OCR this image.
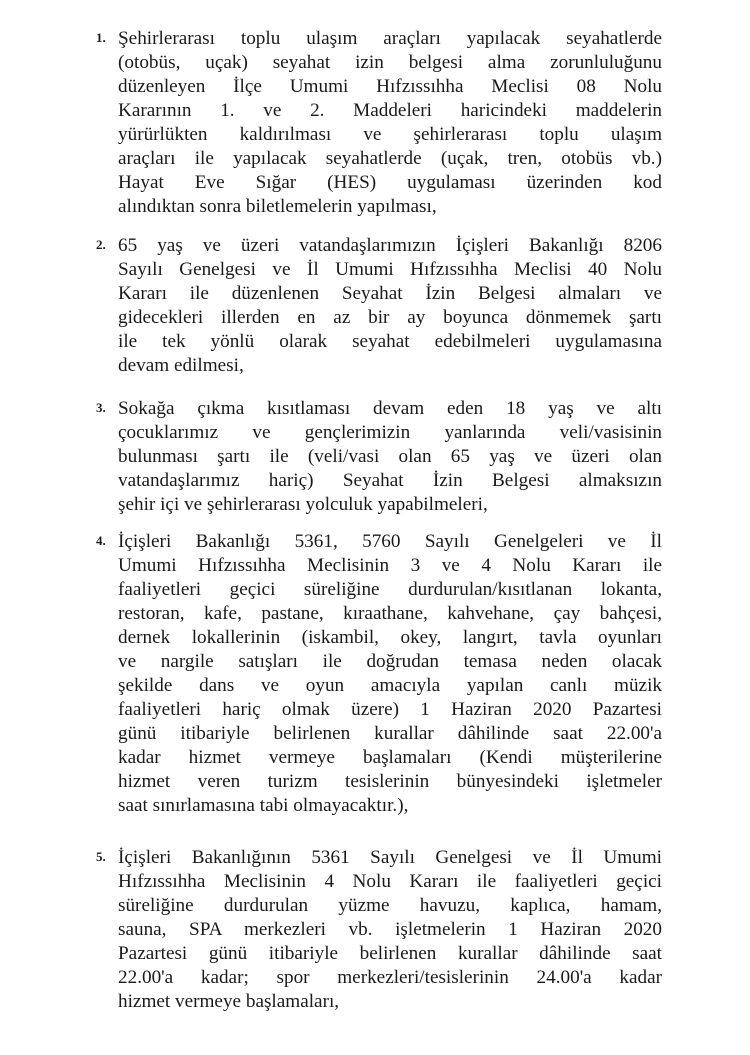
1. Şehirlerarası toplu ulaşım araçları yapılacak seyahatlerde
(otobüs, uçak) seyahat izin belgesi alma zorunluluğunu
düzenleyen İlçe Umumi Hıfzıssıhha Meclisi 08 Nolu
Kararının 1. ve 2. Maddeleri haricindeki maddelerin
yürürlükten kaldırılması ve şehirlerarası toplu ulaşım
araçları ile yapılacak seyahatlerde (uçak, tren, otobüs vb.)
Hayat Eve Sığar (HES) uygulaması üzerinden kod
alındıktan sonra biletlemelerin yapılması,
2. 65 yaş ve üzeri vatandaşlarımızın İçişleri Bakanlığı 8206
Sayılı Genelgesi ve İl Umumi Hıfzıssıhha Meclisi 40 Nolu
Kararı ile düzenlenen Seyahat İzin Belgesi almaları ve
gidecekleri illerden en az bir ay boyunca dönmemek şartı
ile tek yönlü olarak seyahat edebilmeleri uygulamasına
devam edilmesi,
3. Sokağa çıkma kısıtlaması devam eden 18 yaş ve altı
çocuklarımız ve gençlerimizin yanlarında veli/vasisinin
bulunması şartı ile (veli/vasi olan 65 yaş ve üzeri olan
vatandaşlarımız hariç) Seyahat İzin Belgesi almaksızın
şehir içi ve şehirlerarası yolculuk yapabilmeleri,
4. İçişleri Bakanlığı 5361, 5760 Sayılı Genelgeleri ve İl
Umumi Hıfzıssıhha Meclisinin 3 ve 4 Nolu Kararı ile
faaliyetleri geçici süreliğine durdurulan/kısıtlanan lokanta,
restoran, kafe, pastane, kıraathane, kahvehane, çay bahçesi,
dernek lokallerinin (iskambil, okey, langırt, tavla oyunları
ve nargile satışları ile doğrudan temasa neden olacak
şekilde dans ve oyun amacıyla yapılan canlı müzik
faaliyetleri hariç olmak üzere) 1 Haziran 2020 Pazartesi
günü itibariyle belirlenen kurallar dâhilinde saat 22.00'a
kadar hizmet vermeye başlamaları (Kendi müşterilerine
hizmet veren turizm tesislerinin bünyesindeki işletmeler
saat sınırlamasına tabi olmayacaktır.),
5. İçişleri Bakanlığının 5361 Sayılı Genelgesi ve İl Umumi
Hıfzıssıhha Meclisinin 4 Nolu Kararı ile faaliyetleri geçici
süreliğine durdurulan yüzme havuzu, kaplıca, hamam,
sauna, SPA merkezleri vb. işletmelerin 1 Haziran 2020
Pazartesi günü itibariyle belirlenen kurallar dâhilinde saat
22.00'a kadar; spor merkezleri/tesislerinin 24.00'a kadar
hizmet vermeye başlamaları,
